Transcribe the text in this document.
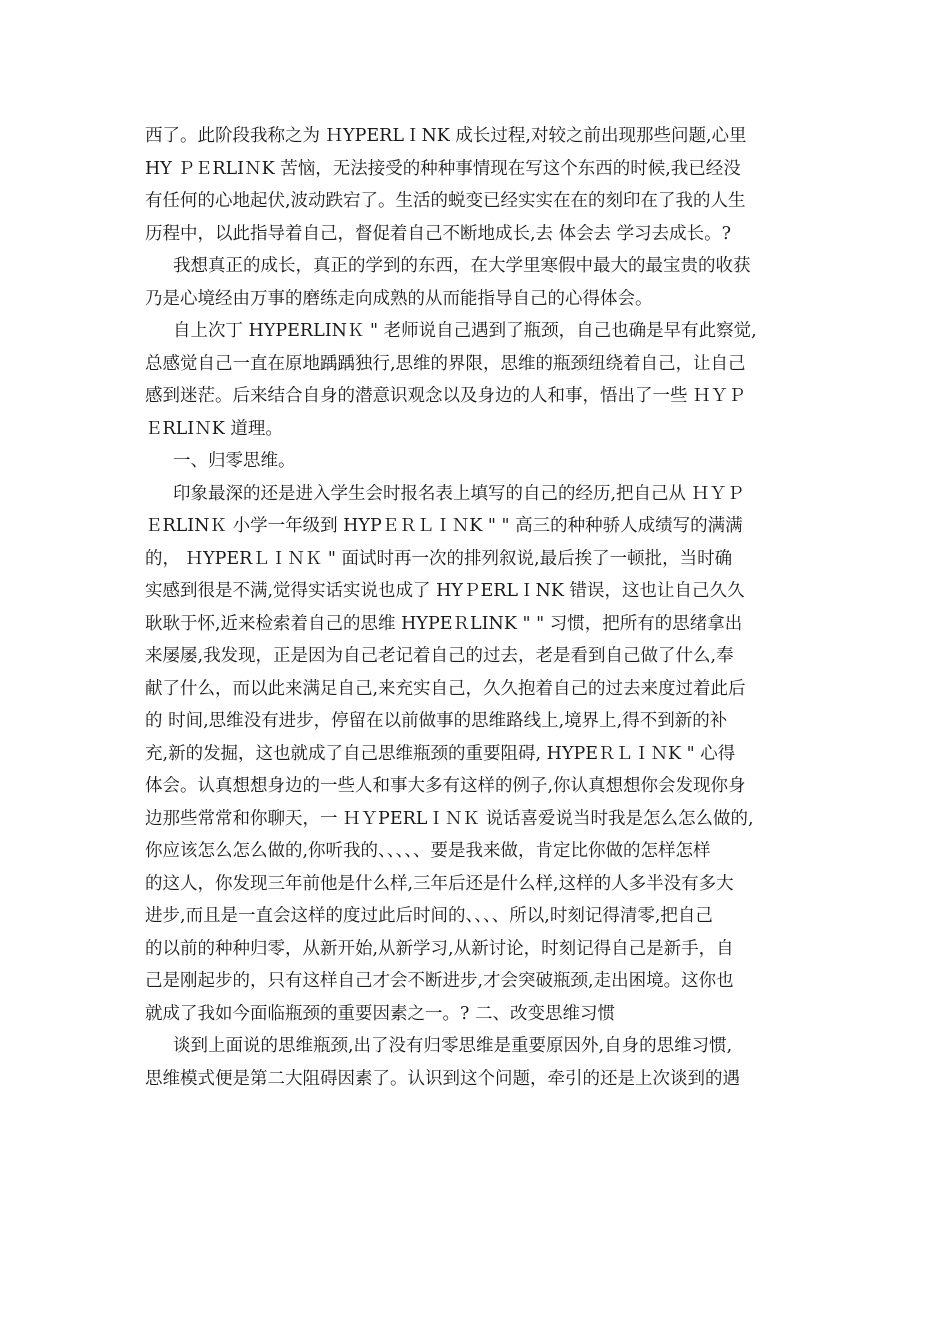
西了。此阶段我称之为 ＨYPERLＩNK 成长过程,对较之前出现那些问题,心里
HY ＰＥRLIＮK 苦恼，无法接受的种种事情现在写这个东西的时候,我已经没
有任何的心地起伏,波动跌宕了。生活的蜕变已经实实在在的刻印在了我的人生
历程中，以此指导着自己，督促着自己不断地成长,去 体会去 学习去成长。?
我想真正的成长，真正的学到的东西，在大学里寒假中最大的最宝贵的收获
乃是心境经由万事的磨练走向成熟的从而能指导自己的心得体会。
自上次丁 HYPERLINＫ " 老师说自己遇到了瓶颈，自己也确是早有此察觉,
总感觉自己一直在原地踽踽独行,思维的界限，思维的瓶颈纽绕着自己，让自己
感到迷茫。后来结合自身的潜意识观念以及身边的人和事，悟出了一些 ＨＹＰ
ＥRLIＮK 道理。
一、归零思维。
印象最深的还是进入学生会时报名表上填写的自己的经历,把自己从 ＨＹＰ
ＥRLINＫ 小学一年级到 HYPＥＲＬＩＮK " " 高三的种种骄人成绩写的满满
的， ＨYPERＬＩＮＫ " 面试时再一次的排列叙说,最后挨了一顿批，当时确
实感到很是不满,觉得实话实说也成了 HYＰERLＩNK 错误，这也让自己久久
耿耿于怀,近来检索着自己的思维 HYPEＲLINK " " 习惯，把所有的思绪拿出
来屡屡,我发现，正是因为自己老记着自己的过去，老是看到自己做了什么,奉
献了什么，而以此来满足自己,来充实自己，久久抱着自己的过去来度过着此后
的 时间,思维没有进步，停留在以前做事的思维路线上,境界上,得不到新的补
充,新的发掘，这也就成了自己思维瓶颈的重要阻碍, HYPEＲＬＩＮK " 心得
体会。认真想想身边的一些人和事大多有这样的例子,你认真想想你会发现你身
边那些常常和你聊天，一 ＨＹPERLＩＮＫ 说话喜爱说当时我是怎么怎么做的,
你应该怎么怎么做的,你听我的、、、、、要是我来做，肯定比你做的怎样怎样
的这人，你发现三年前他是什么样,三年后还是什么样,这样的人多半没有多大
进步,而且是一直会这样的度过此后时间的、、、、所以,时刻记得清零,把自己
的以前的种种归零，从新开始,从新学习,从新讨论，时刻记得自己是新手，自
己是刚起步的，只有这样自己才会不断进步,才会突破瓶颈,走出困境。这你也
就成了我如今面临瓶颈的重要因素之一。? 二、改变思维习惯
谈到上面说的思维瓶颈,出了没有归零思维是重要原因外,自身的思维习惯,
思维模式便是第二大阻碍因素了。认识到这个问题，牵引的还是上次谈到的遇
